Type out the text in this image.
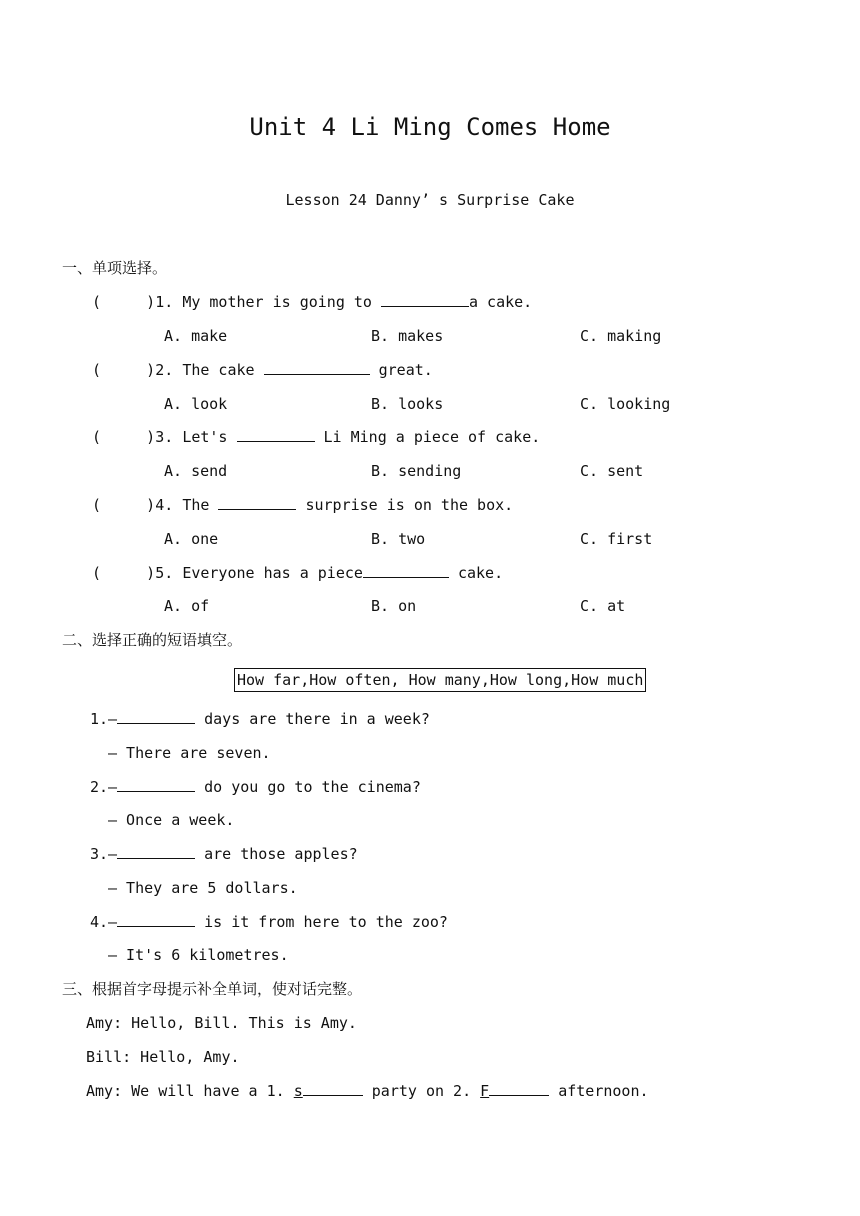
Unit 4 Li Ming Comes Home
Lesson 24 Danny’ s Surprise Cake
一、单项选择。
(     )1. My mother is going to	a cake.
A. make	B. makes	C. making
(     )2. The cake	great.
A. look	B. looks	C. looking
(     )3. Let's	Li Ming a piece of cake.
A. send	B. sending	C. sent
(     )4. The	surprise is on the box.
A. one	B. two	C. first
(     )5. Everyone has a piece	cake.
A. of	B. on	C. at
二、选择正确的短语填空。
How far,How often, How many,How long,How much
1.—	days are there in a week?
— There are seven.
2.—	do you go to the cinema?
— Once a week.
3.—	are those apples?
— They are 5 dollars.
4.—	is it from here to the zoo?
— It's 6 kilometres.
三、根据首字母提示补全单词，使对话完整。
Amy: Hello, Bill. This is Amy.
Bill: Hello, Amy.
Amy: We will have a 1. s	party on 2. F	afternoon.
